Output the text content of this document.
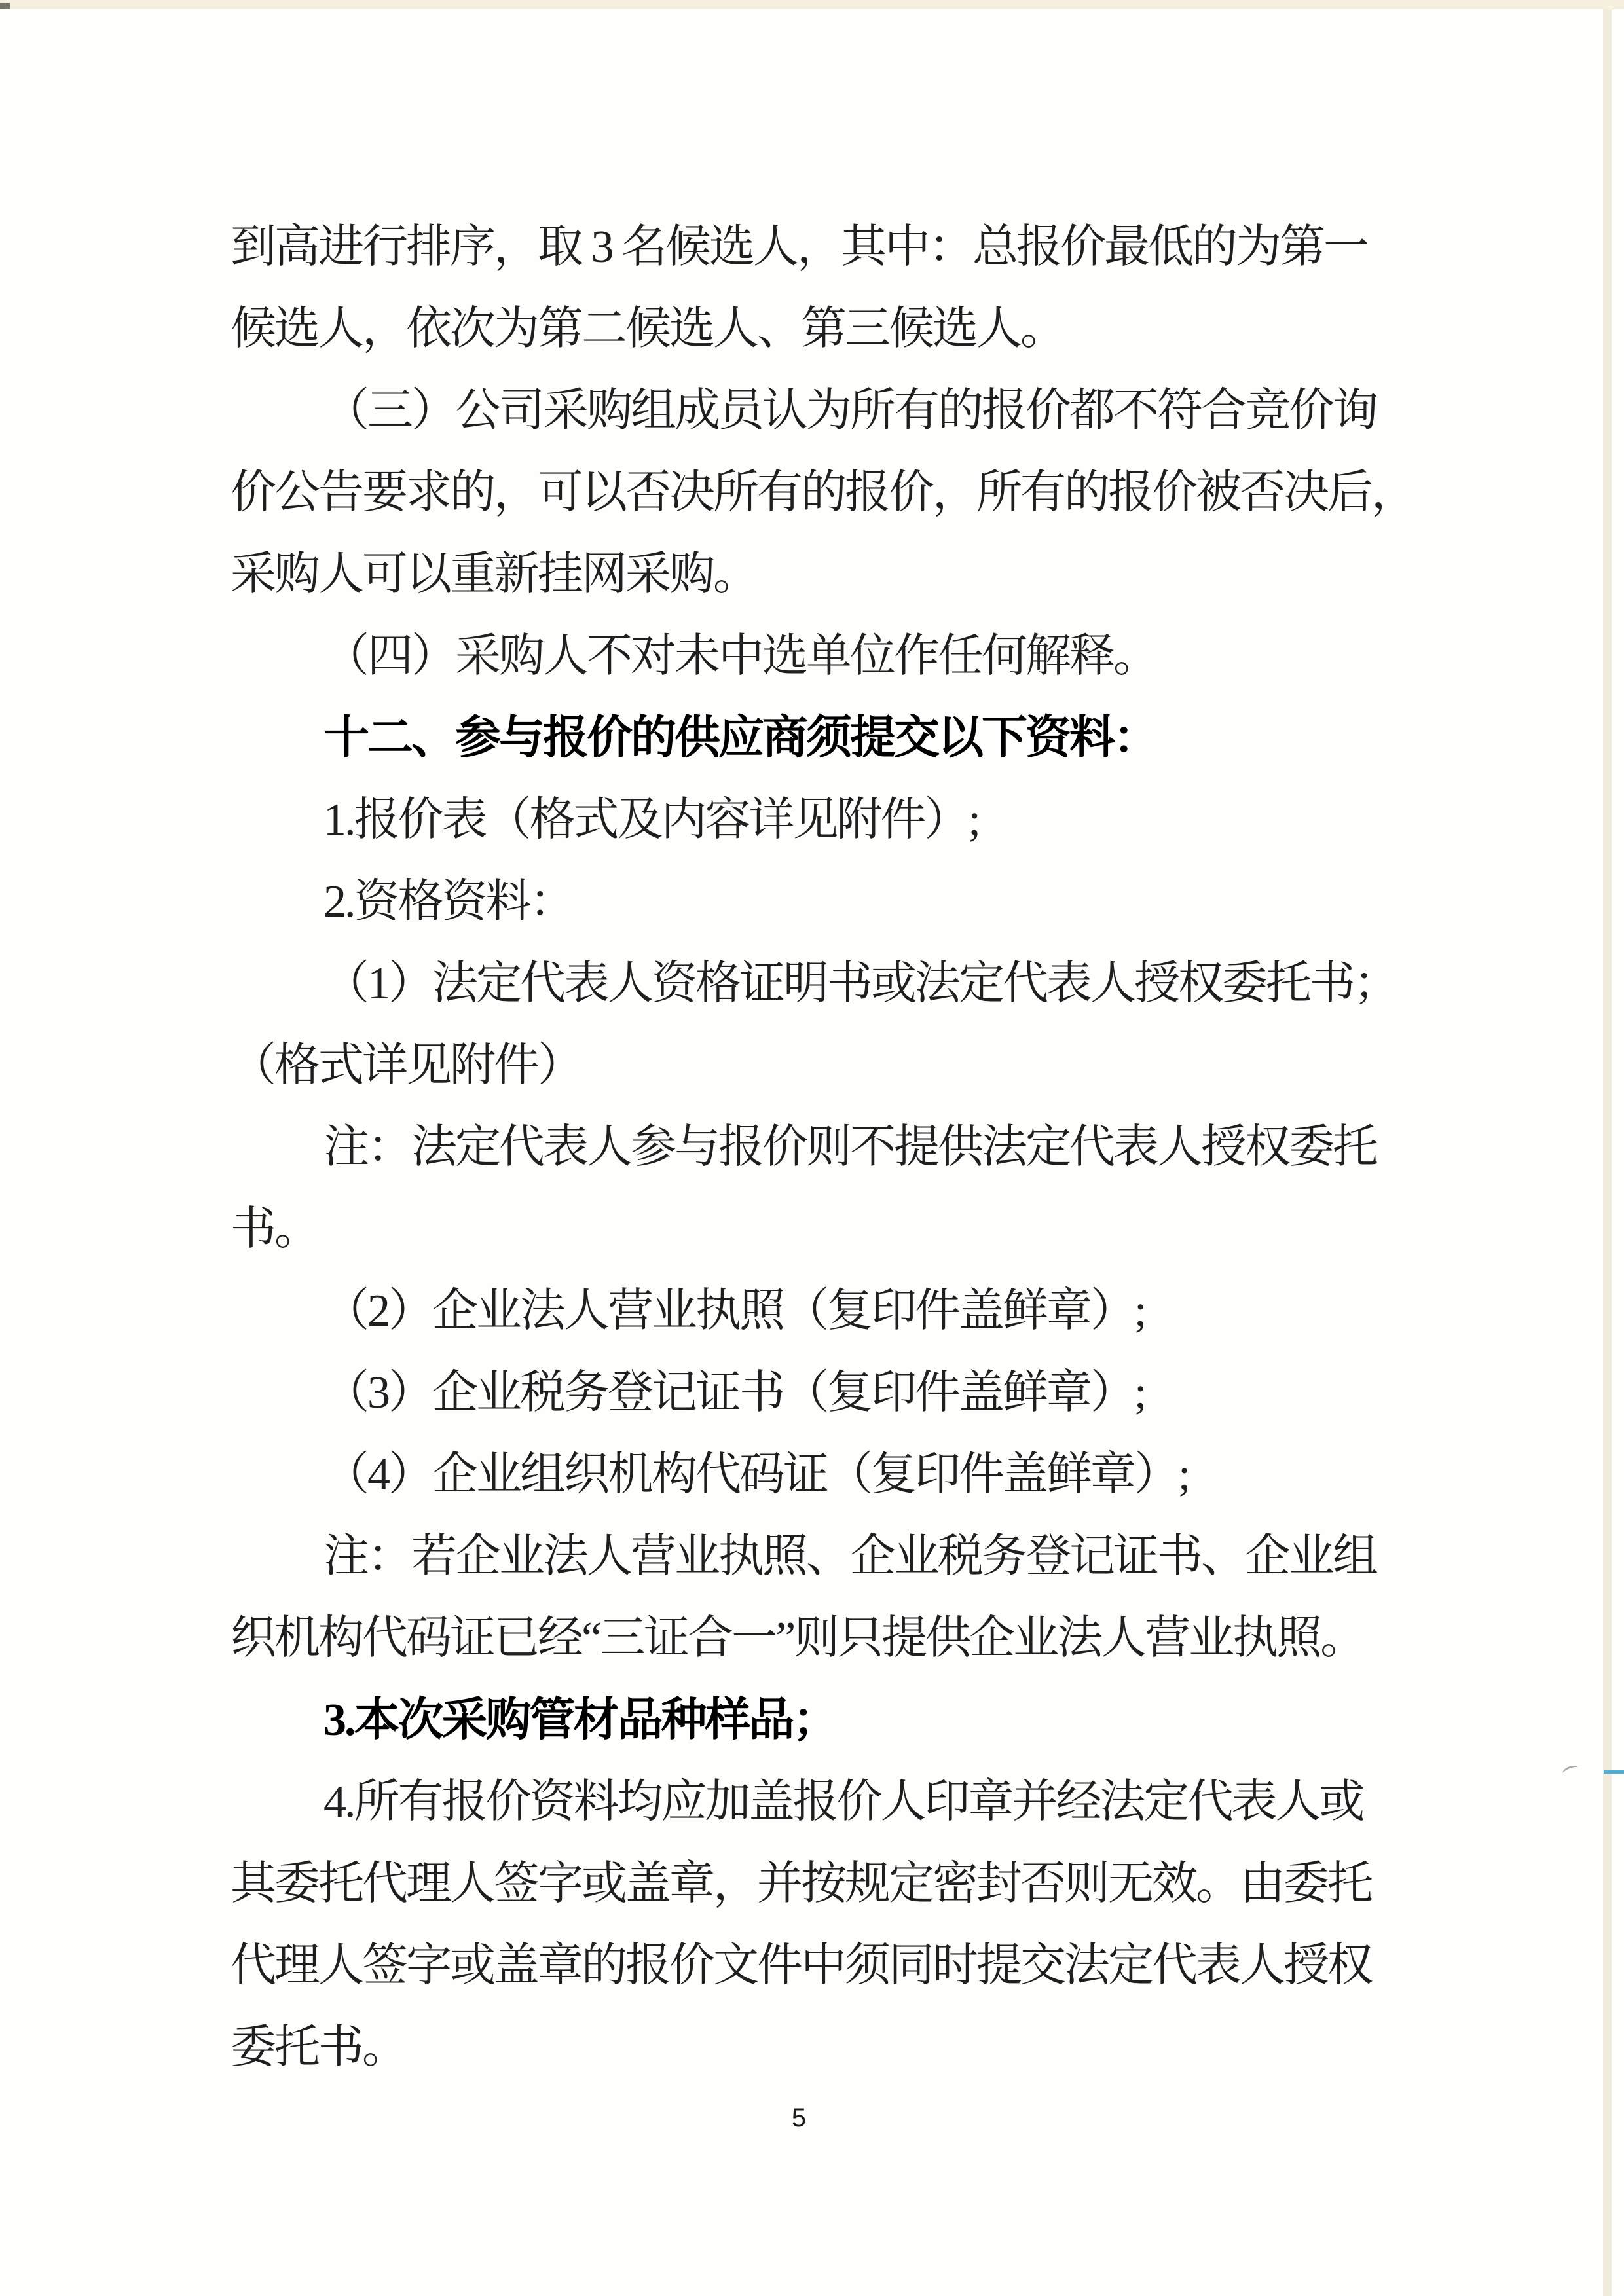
到高进行排序，取 3 名候选人，其中：总报价最低的为第一
候选人，依次为第二候选人、第三候选人。
（三）公司采购组成员认为所有的报价都不符合竞价询
价公告要求的，可以否决所有的报价，所有的报价被否决后，
采购人可以重新挂网采购。
（四）采购人不对未中选单位作任何解释。
十二、参与报价的供应商须提交以下资料：
1.报价表（格式及内容详见附件）;
2.资格资料：
（1）法定代表人资格证明书或法定代表人授权委托书；
（格式详见附件）
注：法定代表人参与报价则不提供法定代表人授权委托
书。
（2）企业法人营业执照（复印件盖鲜章）;
（3）企业税务登记证书（复印件盖鲜章）;
（4）企业组织机构代码证（复印件盖鲜章）;
注：若企业法人营业执照、企业税务登记证书、企业组
织机构代码证已经“三证合一”则只提供企业法人营业执照。
3.本次采购管材品种样品；
4.所有报价资料均应加盖报价人印章并经法定代表人或
其委托代理人签字或盖章，并按规定密封否则无效。由委托
代理人签字或盖章的报价文件中须同时提交法定代表人授权
委托书。
5
